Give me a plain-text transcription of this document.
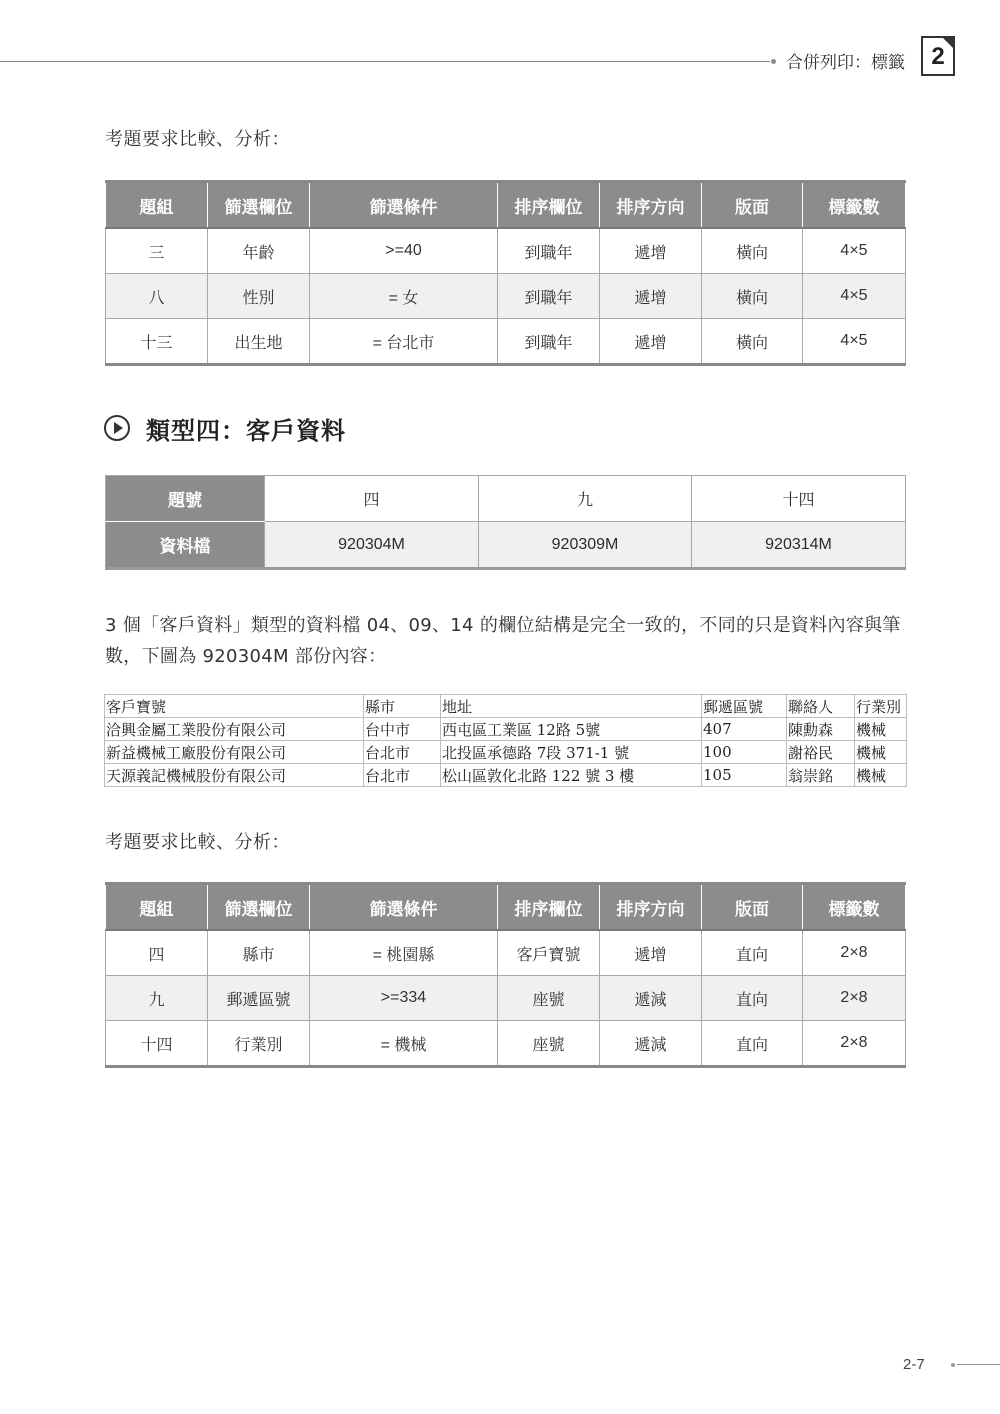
合併列印：標籤	2
考題要求比較、分析：
題組	篩選欄位	篩選條件	排序欄位	排序方向	版面	標籤數
三	年齡	>=40	到職年	遞增	橫向	4×5
八	性別	= 女	到職年	遞增	橫向	4×5
十三	出生地	= 台北市	到職年	遞增	橫向	4×5
類型四：客戶資料
題號	四	九	十四
資料檔	920304M	920309M	920314M
3 個「客戶資料」類型的資料檔 04、09、14 的欄位結構是完全一致的，不同的只是資料內容與筆數，下圖為 920304M 部份內容：
客戶寶號	縣市	地址	郵遞區號	聯絡人	行業別
洽興金屬工業股份有限公司	台中市	西屯區工業區 12路 5號	407	陳勳森	機械
新益機械工廠股份有限公司	台北市	北投區承德路 7段 371-1 號	100	謝裕民	機械
天源義記機械股份有限公司	台北市	松山區敦化北路 122 號 3 樓	105	翁崇銘	機械
考題要求比較、分析：
題組	篩選欄位	篩選條件	排序欄位	排序方向	版面	標籤數
四	縣市	= 桃園縣	客戶寶號	遞增	直向	2×8
九	郵遞區號	>=334	座號	遞減	直向	2×8
十四	行業別	= 機械	座號	遞減	直向	2×8
2-7
